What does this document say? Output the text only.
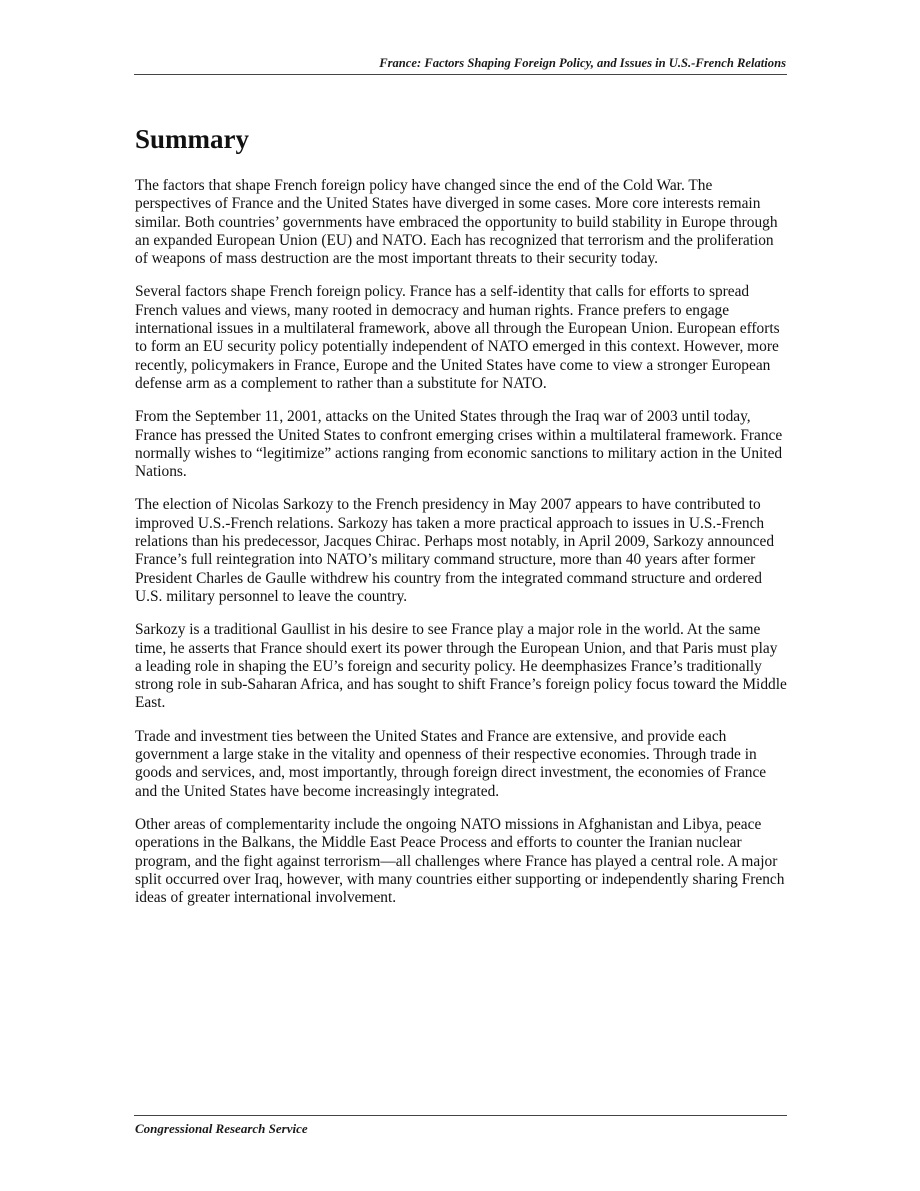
France: Factors Shaping Foreign Policy, and Issues in U.S.-French Relations
Summary

The factors that shape French foreign policy have changed since the end of the Cold War. The perspectives of France and the United States have diverged in some cases. More core interests remain similar. Both countries’ governments have embraced the opportunity to build stability in Europe through an expanded European Union (EU) and NATO. Each has recognized that terrorism and the proliferation of weapons of mass destruction are the most important threats to their security today.

Several factors shape French foreign policy. France has a self-identity that calls for efforts to spread French values and views, many rooted in democracy and human rights. France prefers to engage international issues in a multilateral framework, above all through the European Union. European efforts to form an EU security policy potentially independent of NATO emerged in this context. However, more recently, policymakers in France, Europe and the United States have come to view a stronger European defense arm as a complement to rather than a substitute for NATO.

From the September 11, 2001, attacks on the United States through the Iraq war of 2003 until today, France has pressed the United States to confront emerging crises within a multilateral framework. France normally wishes to “legitimize” actions ranging from economic sanctions to military action in the United Nations.

The election of Nicolas Sarkozy to the French presidency in May 2007 appears to have contributed to improved U.S.-French relations. Sarkozy has taken a more practical approach to issues in U.S.-French relations than his predecessor, Jacques Chirac. Perhaps most notably, in April 2009, Sarkozy announced France’s full reintegration into NATO’s military command structure, more than 40 years after former President Charles de Gaulle withdrew his country from the integrated command structure and ordered U.S. military personnel to leave the country.

Sarkozy is a traditional Gaullist in his desire to see France play a major role in the world. At the same time, he asserts that France should exert its power through the European Union, and that Paris must play a leading role in shaping the EU’s foreign and security policy. He deemphasizes France’s traditionally strong role in sub-Saharan Africa, and has sought to shift France’s foreign policy focus toward the Middle East.

Trade and investment ties between the United States and France are extensive, and provide each government a large stake in the vitality and openness of their respective economies. Through trade in goods and services, and, most importantly, through foreign direct investment, the economies of France and the United States have become increasingly integrated.

Other areas of complementarity include the ongoing NATO missions in Afghanistan and Libya, peace operations in the Balkans, the Middle East Peace Process and efforts to counter the Iranian nuclear program, and the fight against terrorism—all challenges where France has played a central role. A major split occurred over Iraq, however, with many countries either supporting or independently sharing French ideas of greater international involvement.

Congressional Research Service
